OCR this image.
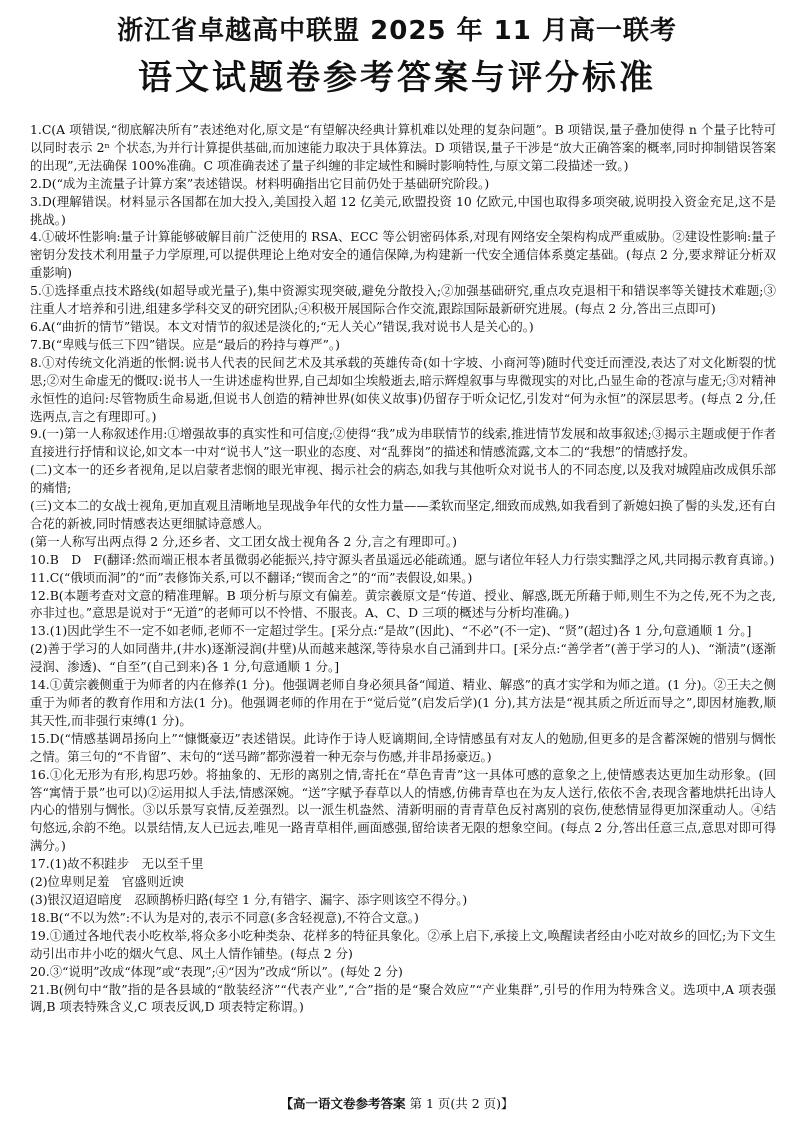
浙江省卓越高中联盟 2025 年 11 月高一联考
语文试题卷参考答案与评分标准

1.C(A 项错误,“彻底解决所有”表述绝对化,原文是“有望解决经典计算机难以处理的复杂问题”。B 项错误,量子叠加使得 n 个量子比特可以同时表示 2ⁿ 个状态,为并行计算提供基础,而加速能力取决于具体算法。D 项错误,量子干涉是“放大正确答案的概率,同时抑制错误答案的出现”,无法确保 100%准确。C 项准确表述了量子纠缠的非定域性和瞬时影响特性,与原文第二段描述一致。)

2.D(“成为主流量子计算方案”表述错误。材料明确指出它目前仍处于基础研究阶段。)

3.D(理解错误。材料显示各国都在加大投入,美国投入超 12 亿美元,欧盟投资 10 亿欧元,中国也取得多项突破,说明投入资金充足,这不是挑战。)

4.①破坏性影响:量子计算能够破解目前广泛使用的 RSA、ECC 等公钥密码体系,对现有网络安全架构构成严重威胁。②建设性影响:量子密钥分发技术利用量子力学原理,可以提供理论上绝对安全的通信保障,为构建新一代安全通信体系奠定基础。(每点 2 分,要求辩证分析双重影响)

5.①选择重点技术路线(如超导或光量子),集中资源实现突破,避免分散投入;②加强基础研究,重点攻克退相干和错误率等关键技术难题;③注重人才培养和引进,组建多学科交叉的研究团队;④积极开展国际合作交流,跟踪国际最新研究进展。(每点 2 分,答出三点即可)

6.A(“曲折的情节”错误。本文对情节的叙述是淡化的;“无人关心”错误,我对说书人是关心的。)

7.B(“卑贱与低三下四”错误。应是“最后的矜持与尊严”。)

8.①对传统文化消逝的怅惘:说书人代表的民间艺术及其承载的英雄传奇(如十字坡、小商河等)随时代变迁而湮没,表达了对文化断裂的忧思;②对生命虚无的慨叹:说书人一生讲述虚构世界,自己却如尘埃般逝去,暗示辉煌叙事与卑微现实的对比,凸显生命的苍凉与虚无;③对精神永恒性的追问:尽管物质生命易逝,但说书人创造的精神世界(如侠义故事)仍留存于听众记忆,引发对“何为永恒”的深层思考。(每点 2 分,任选两点,言之有理即可。)

9.(一)第一人称叙述作用:①增强故事的真实性和可信度;②使得“我”成为串联情节的线索,推进情节发展和故事叙述;③揭示主题或便于作者直接进行抒情和议论,如文本一中对“说书人”这一职业的态度、对“乱葬岗”的描述和情感流露,文本二的“我想”的情感抒发。

(二)文本一的还乡者视角,足以启蒙者悲悯的眼光审视、揭示社会的病态,如我与其他听众对说书人的不同态度,以及我对城隍庙改成俱乐部的痛惜;

(三)文本二的女战士视角,更加直观且清晰地呈现战争年代的女性力量——柔软而坚定,细致而成熟,如我看到了新媳妇换了髻的头发,还有白合花的新被,同时情感表达更细腻诗意感人。

(第一人称写出两点得 2 分,还乡者、文工团女战士视角各 2 分,言之有理即可。)

10.B　D　F(翻译:然而端正根本者虽微弱必能振兴,持守源头者虽遥远必能疏通。愿与诸位年轻人力行崇实黜浮之风,共同揭示教育真谛。)

11.C(“俄顷而洞”的“而”表修饰关系,可以不翻译;“锲而舍之”的“而”表假设,如果。)

12.B(本题考查对文意的精准理解。B 项分析与原文有偏差。黄宗羲原文是“传道、授业、解惑,既无所藉于师,则生不为之传,死不为之丧,亦非过也。”意思是说对于“无道”的老师可以不怜惜、不服丧。A、C、D 三项的概述与分析均准确。)

13.(1)因此学生不一定不如老师,老师不一定超过学生。[采分点:“是故”(因此)、“不必”(不一定)、“贤”(超过)各 1 分,句意通顺 1 分。]

(2)善于学习的人如同凿井,(井水)逐渐浸润(井壁)从而越来越深,等待泉水自己涌到井口。[采分点:“善学者”(善于学习的人)、“渐渍”(逐渐浸润、渗透)、“自至”(自己到来)各 1 分,句意通顺 1 分。]

14.①黄宗羲侧重于为师者的内在修养(1 分)。他强调老师自身必须具备“闻道、精业、解惑”的真才实学和为师之道。(1 分)。②王夫之侧重于为师者的教育作用和方法(1 分)。他强调老师的作用在于“觉后觉”(启发后学)(1 分),其方法是“视其质之所近而导之”,即因材施教,顺其天性,而非强行束缚(1 分)。

15.D(“情感基调昂扬向上”“慷慨豪迈”表述错误。此诗作于诗人贬谪期间,全诗情感虽有对友人的勉励,但更多的是含蓄深婉的惜别与惆怅之情。第三句的“不肯留”、末句的“送马蹄”都弥漫着一种无奈与伤感,并非昂扬豪迈。)

16.①化无形为有形,构思巧妙。将抽象的、无形的离别之情,寄托在“草色青青”这一具体可感的意象之上,使情感表达更加生动形象。(回答“寓情于景”也可以)②运用拟人手法,情感深婉。“送”字赋予春草以人的情感,仿佛青草也在为友人送行,依依不舍,表现含蓄地烘托出诗人内心的惜别与惆怅。③以乐景写哀情,反差强烈。以一派生机盎然、清新明丽的青青草色反衬离别的哀伤,使愁情显得更加深重动人。④结句悠远,余韵不绝。以景结情,友人已远去,唯见一路青草相伴,画面感强,留给读者无限的想象空间。(每点 2 分,答出任意三点,意思对即可得满分。)

17.(1)故不积跬步　无以至千里

(2)位卑则足羞　官盛则近谀

(3)银汉迢迢暗度　忍顾鹊桥归路(每空 1 分,有错字、漏字、添字则该空不得分。)

18.B(“不以为然”:不认为是对的,表示不同意(多含轻视意),不符合文意。)

19.①通过各地代表小吃枚举,将众多小吃种类杂、花样多的特征具象化。②承上启下,承接上文,唤醒读者经由小吃对故乡的回忆;为下文生动引出市井小吃的烟火气息、风土人情作铺垫。(每点 2 分)

20.③“说明”改成“体现”或“表现”;④“因为”改成“所以”。(每处 2 分)

21.B(例句中“散”指的是各县域的“散装经济”“代表产业”,“合”指的是“聚合效应”“产业集群”,引号的作用为特殊含义。选项中,A 项表强调,B 项表特殊含义,C 项表反讽,D 项表特定称谓。)

【高一语文卷参考答案 第 1 页(共 2 页)】
